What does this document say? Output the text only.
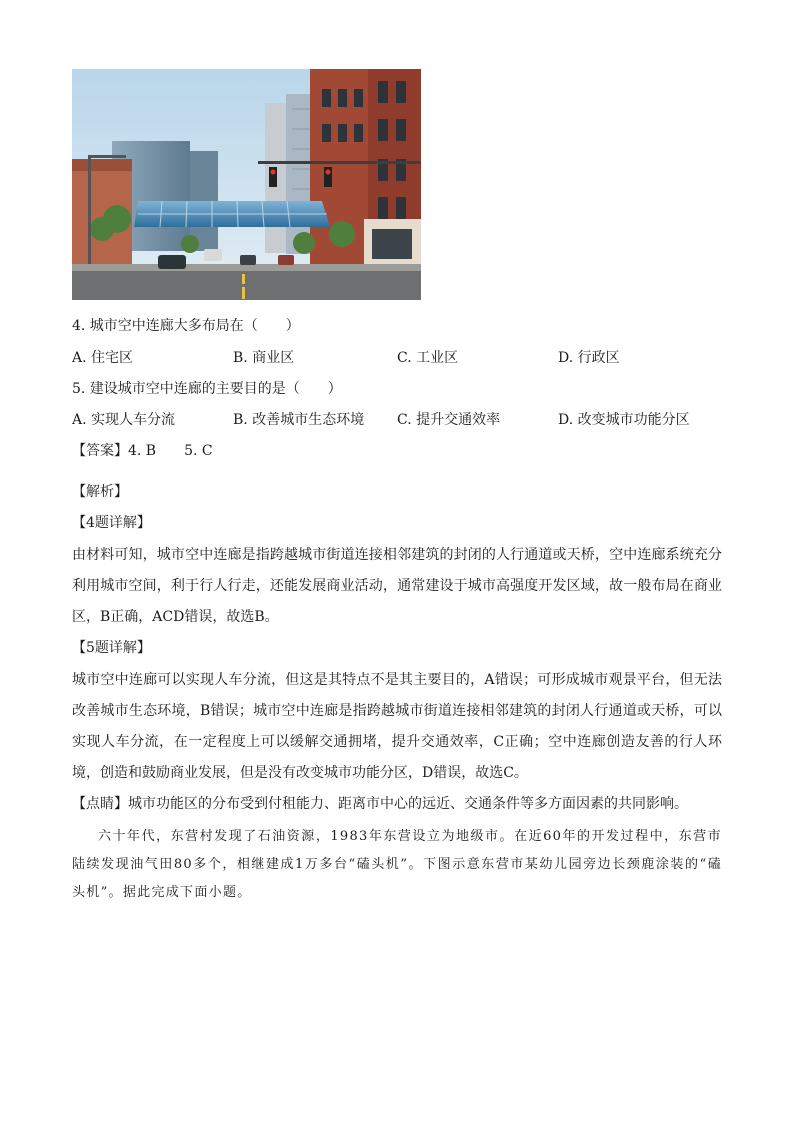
4. 城市空中连廊大多布局在（　　）
A. 住宅区	B. 商业区	C. 工业区	D. 行政区
5. 建设城市空中连廊的主要目的是（　　）
A. 实现人车分流	B. 改善城市生态环境 C. 提升交通效率	D. 改变城市功能分区
【答案】4. B　　5. C
【解析】
【4题详解】
由材料可知，城市空中连廊是指跨越城市街道连接相邻建筑的封闭的人行通道或天桥，空中连廊系统充分利用城市空间，利于行人行走，还能发展商业活动，通常建设于城市高强度开发区域，故一般布局在商业区，B正确，ACD错误，故选B。
【5题详解】
城市空中连廊可以实现人车分流，但这是其特点不是其主要目的，A错误；可形成城市观景平台，但无法改善城市生态环境，B错误；城市空中连廊是指跨越城市街道连接相邻建筑的封闭人行通道或天桥，可以实现人车分流，在一定程度上可以缓解交通拥堵，提升交通效率，C正确；空中连廊创造友善的行人环境，创造和鼓励商业发展，但是没有改变城市功能分区，D错误，故选C。
【点睛】城市功能区的分布受到付租能力、距离市中心的远近、交通条件等多方面因素的共同影响。
六十年代，东营村发现了石油资源，1983年东营设立为地级市。在近60年的开发过程中，东营市陆续发现油气田80多个，相继建成1万多台“磕头机”。下图示意东营市某幼儿园旁边长颈鹿涂装的“磕头机”。据此完成下面小题。
